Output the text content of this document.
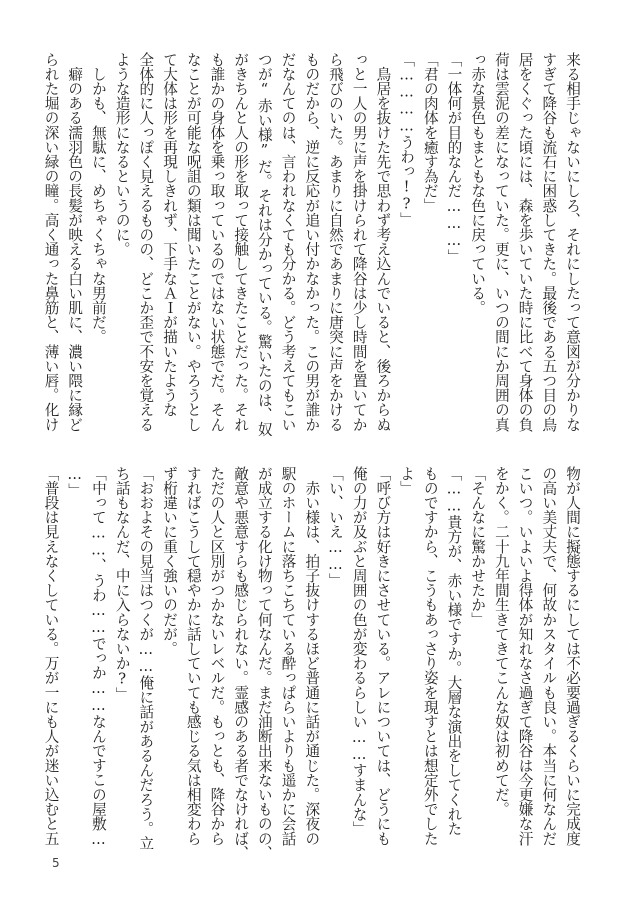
来る相手じゃないにしろ、それにしたって意図が分かりな

すぎて降谷も流石に困惑してきた。最後である五つ目の鳥

居をくぐった頃には、森を歩いていた時に比べて身体の負

荷は雲泥の差になっていた。更に、いつの間にか周囲の真

っ赤な景色もまともな色に戻っている。

「一体何が目的なんだ………」

「君の肉体を癒す為だ」

「…………うわっ!?」

　鳥居を抜けた先で思わず考え込んでいると、後ろからぬ

っと一人の男に声を掛けられて降谷は少し時間を置いてか

ら飛びのいた。あまりに自然であまりに唐突に声をかける

ものだから、逆に反応が追い付かなかった。この男が誰か

だなんてのは、言われなくても分かる。どう考えてもこい

つが“赤い様”だ。それは分かっている。驚いたのは、奴

がきちんと人の形を取って接触してきたことだった。それ

も誰かの身体を乗っ取っているのではない状態でだ。そん

なことが可能な呪詛の類は聞いたことがない。やろうとし

て大体は形を再現しきれず、下手なＡＩが描いたような

全体的に人っぽく見えるものの、どこか歪で不安を覚える

ような造形になるというのに。

　しかも、無駄に、めちゃくちゃな男前だ。

　癖のある濡羽色の長髪が映える白い肌に、濃い隈に縁ど

られた堀の深い緑の瞳。高く通った鼻筋と、薄い唇。化け

物が人間に擬態するにしては不必要過ぎるくらいに完成度

の高い美丈夫で、何故かスタイルも良い。本当に何なんだ

こいつ。いよいよ得体が知れなさ過ぎて降谷は今更嫌な汗

をかく。二十九年間生きてきてこんな奴は初めてだ。

「そんなに驚かせたか」

「……貴方が、赤い様ですか。大層な演出をしてくれた

ものですから、こうもあっさり姿を現すとは想定外でした

よ」

「呼び方は好きにさせている。アレについては、どうにも

俺の力が及ぶと周囲の色が変わるらしい……すまんな」

「い、いえ……」

　赤い様は、拍子抜けするほど普通に話が通じた。深夜の

駅のホームに落ちこちている酔っぱらいよりも遥かに会話

が成立する化け物って何なんだ。まだ油断出来ないものの、

敵意や悪意すらも感じられない。霊感のある者でなければ、

ただの人と区別がつかないレベルだ。もっとも、降谷から

すればこうして穏やかに話していても感じる気は相変わら

ず桁違いに重く強いのだが。

「おおよその見当はつくが……俺に話があるんだろう。立

ち話もなんだ、中に入らないか?」

「中って……、うわ……でっか……なんですこの屋敷…

…」

「普段は見えなくしている。万が一にも人が迷い込むと五

5
